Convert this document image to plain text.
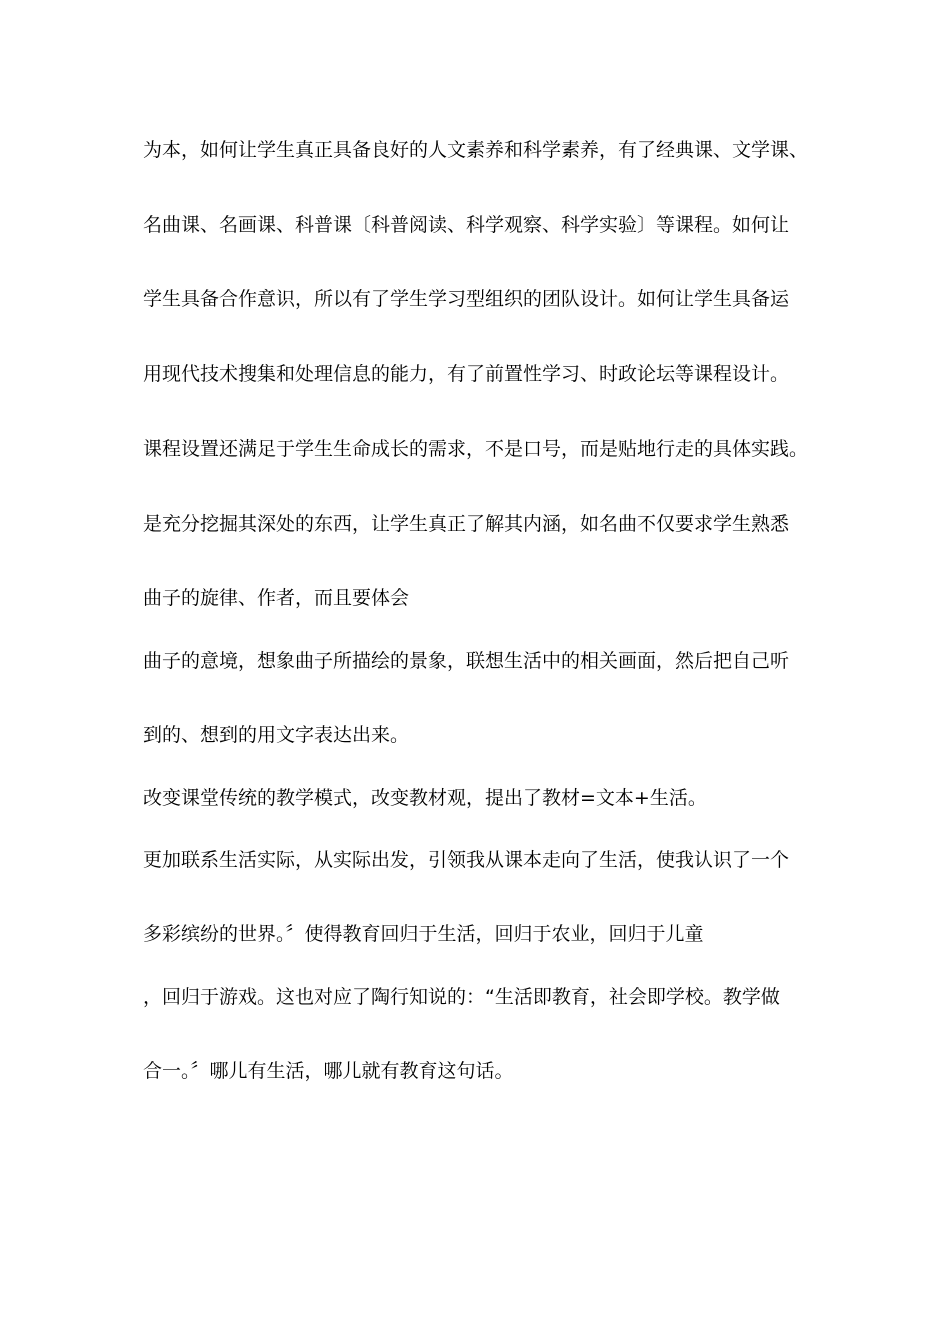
为本，如何让学生真正具备良好的人文素养和科学素养，有了经典课、文学课、
名曲课、名画课、科普课〔科普阅读、科学观察、科学实验〕等课程。如何让
学生具备合作意识，所以有了学生学习型组织的团队设计。如何让学生具备运
用现代技术搜集和处理信息的能力，有了前置性学习、时政论坛等课程设计。
课程设置还满足于学生生命成长的需求，不是口号，而是贴地行走的具体实践。
是充分挖掘其深处的东西，让学生真正了解其内涵，如名曲不仅要求学生熟悉
曲子的旋律、作者，而且要体会
曲子的意境，想象曲子所描绘的景象，联想生活中的相关画面，然后把自己听
到的、想到的用文字表达出来。
改变课堂传统的教学模式，改变教材观，提出了教材=文本+生活。
更加联系生活实际，从实际出发，引领我从课本走向了生活，使我认识了一个
多彩缤纷的世界。〞使得教育回归于生活，回归于农业，回归于儿童
，回归于游戏。这也对应了陶行知说的：“生活即教育，社会即学校。教学做
合一。〞哪儿有生活，哪儿就有教育这句话。
